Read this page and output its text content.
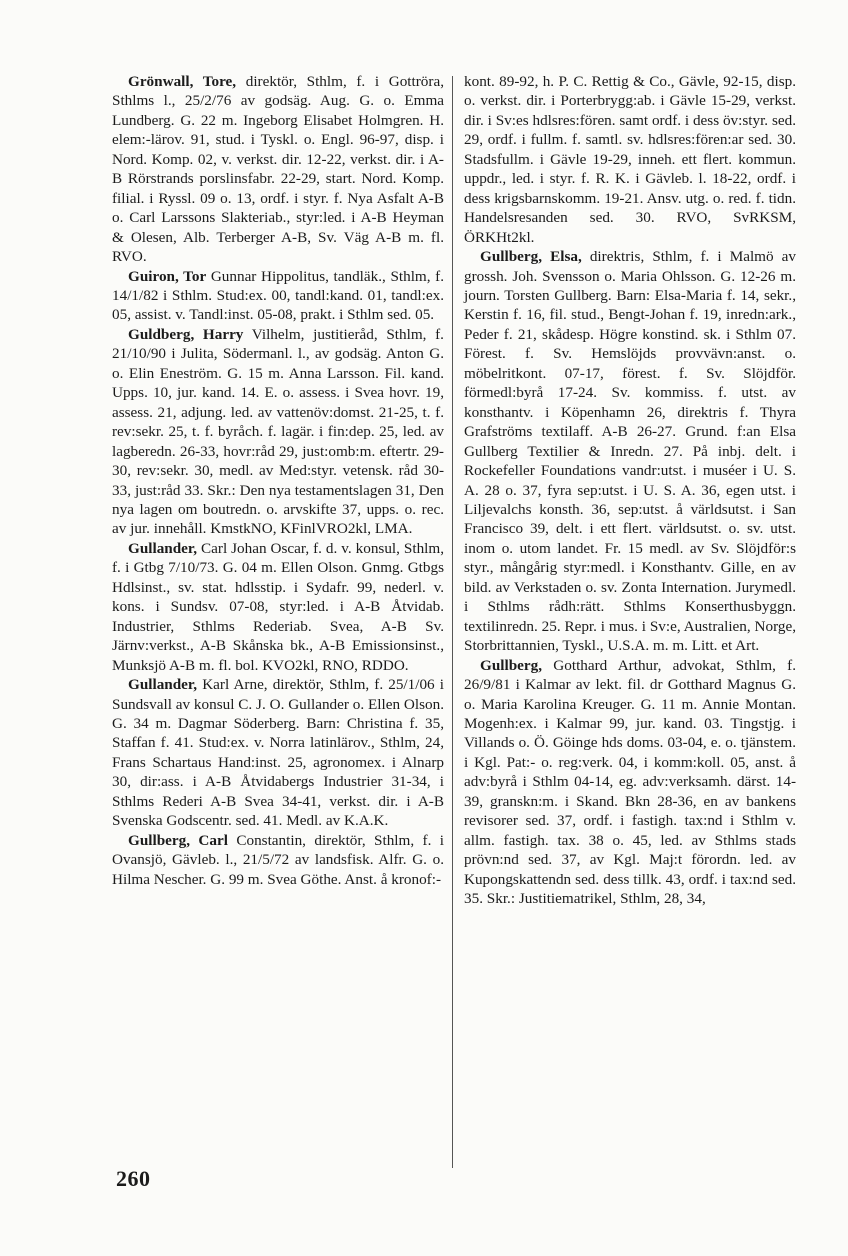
Grönwall, Tore, direktör, Sthlm, f. i Gottröra, Sthlms l., 25/2/76 av godsäg. Aug. G. o. Emma Lundberg. G. 22 m. Ingeborg Elisabet Holmgren. H. elem:-lärov. 91, stud. i Tyskl. o. Engl. 96-97, disp. i Nord. Komp. 02, v. verkst. dir. 12-22, verkst. dir. i A-B Rörstrands porslinsfabr. 22-29, start. Nord. Komp. filial. i Ryssl. 09 o. 13, ordf. i styr. f. Nya Asfalt A-B o. Carl Larssons Slakteriab., styr:led. i A-B Heyman & Olesen, Alb. Terberger A-B, Sv. Väg A-B m. fl. RVO.

Guiron, Tor Gunnar Hippolitus, tandläk., Sthlm, f. 14/1/82 i Sthlm. Stud:ex. 00, tandl:kand. 01, tandl:ex. 05, assist. v. Tandl:inst. 05-08, prakt. i Sthlm sed. 05.

Guldberg, Harry Vilhelm, justitieråd, Sthlm, f. 21/10/90 i Julita, Södermanl. l., av godsäg. Anton G. o. Elin Eneström. G. 15 m. Anna Larsson. Fil. kand. Upps. 10, jur. kand. 14. E. o. assess. i Svea hovr. 19, assess. 21, adjung. led. av vattenöv:domst. 21-25, t. f. rev:sekr. 25, t. f. byråch. f. lagär. i fin:dep. 25, led. av lagberedn. 26-33, hovr:råd 29, just:omb:m. eftertr. 29-30, rev:sekr. 30, medl. av Med:styr. vetensk. råd 30-33, just:råd 33. Skr.: Den nya testamentslagen 31, Den nya lagen om boutredn. o. arvskifte 37, upps. o. rec. av jur. innehåll. KmstkNO, KFinlVRO2kl, LMA.

Gullander, Carl Johan Oscar, f. d. v. konsul, Sthlm, f. i Gtbg 7/10/73. G. 04 m. Ellen Olson. Gnmg. Gtbgs Hdlsinst., sv. stat. hdlsstip. i Sydafr. 99, nederl. v. kons. i Sundsv. 07-08, styr:led. i A-B Åtvidab. Industrier, Sthlms Rederiab. Svea, A-B Sv. Järnv:verkst., A-B Skånska bk., A-B Emissionsinst., Munksjö A-B m. fl. bol. KVO2kl, RNO, RDDO.

Gullander, Karl Arne, direktör, Sthlm, f. 25/1/06 i Sundsvall av konsul C. J. O. Gullander o. Ellen Olson. G. 34 m. Dagmar Söderberg. Barn: Christina f. 35, Staffan f. 41. Stud:ex. v. Norra latinlärov., Sthlm, 24, Frans Schartaus Hand:inst. 25, agronomex. i Alnarp 30, dir:ass. i A-B Åtvidabergs Industrier 31-34, i Sthlms Rederi A-B Svea 34-41, verkst. dir. i A-B Svenska Godscentr. sed. 41. Medl. av K.A.K.

Gullberg, Carl Constantin, direktör, Sthlm, f. i Ovansjö, Gävleb. l., 21/5/72 av landsfisk. Alfr. G. o. Hilma Nescher. G. 99 m. Svea Göthe. Anst. å kronof:-

kont. 89-92, h. P. C. Rettig & Co., Gävle, 92-15, disp. o. verkst. dir. i Porterbrygg:ab. i Gävle 15-29, verkst. dir. i Sv:es hdlsres:fören. samt ordf. i dess öv:styr. sed. 29, ordf. i fullm. f. samtl. sv. hdlsres:fören:ar sed. 30. Stadsfullm. i Gävle 19-29, inneh. ett flert. kommun. uppdr., led. i styr. f. R. K. i Gävleb. l. 18-22, ordf. i dess krigsbarnskomm. 19-21. Ansv. utg. o. red. f. tidn. Handelsresanden sed. 30. RVO, SvRKSM, ÖRKHt2kl.

Gullberg, Elsa, direktris, Sthlm, f. i Malmö av grossh. Joh. Svensson o. Maria Ohlsson. G. 12-26 m. journ. Torsten Gullberg. Barn: Elsa-Maria f. 14, sekr., Kerstin f. 16, fil. stud., Bengt-Johan f. 19, inredn:ark., Peder f. 21, skådesp. Högre konstind. sk. i Sthlm 07. Förest. f. Sv. Hemslöjds provvävn:anst. o. möbelritkont. 07-17, förest. f. Sv. Slöjdför. förmedl:byrå 17-24. Sv. kommiss. f. utst. av konsthantv. i Köpenhamn 26, direktris f. Thyra Grafströms textilaff. A-B 26-27. Grund. f:an Elsa Gullberg Textilier & Inredn. 27. På inbj. delt. i Rockefeller Foundations vandr:utst. i muséer i U. S. A. 28 o. 37, fyra sep:utst. i U. S. A. 36, egen utst. i Liljevalchs konsth. 36, sep:utst. å världsutst. i San Francisco 39, delt. i ett flert. världsutst. o. sv. utst. inom o. utom landet. Fr. 15 medl. av Sv. Slöjdför:s styr., mångårig styr:medl. i Konsthantv. Gille, en av bild. av Verkstaden o. sv. Zonta Internation. Jurymedl. i Sthlms rådh:rätt. Sthlms Konserthusbyggn. textilinredn. 25. Repr. i mus. i Sv:e, Australien, Norge, Storbrittannien, Tyskl., U.S.A. m. m. Litt. et Art.

Gullberg, Gotthard Arthur, advokat, Sthlm, f. 26/9/81 i Kalmar av lekt. fil. dr Gotthard Magnus G. o. Maria Karolina Kreuger. G. 11 m. Annie Montan. Mogenh:ex. i Kalmar 99, jur. kand. 03. Tingstjg. i Villands o. Ö. Göinge hds doms. 03-04, e. o. tjänstem. i Kgl. Pat:- o. reg:verk. 04, i komm:koll. 05, anst. å adv:byrå i Sthlm 04-14, eg. adv:verksamh. därst. 14-39, granskn:m. i Skand. Bkn 28-36, en av bankens revisorer sed. 37, ordf. i fastigh. tax:nd i Sthlm v. allm. fastigh. tax. 38 o. 45, led. av Sthlms stads prövn:nd sed. 37, av Kgl. Maj:t förordn. led. av Kupongskattendn sed. dess tillk. 43, ordf. i tax:nd sed. 35. Skr.: Justitiematrikel, Sthlm, 28, 34,

260
